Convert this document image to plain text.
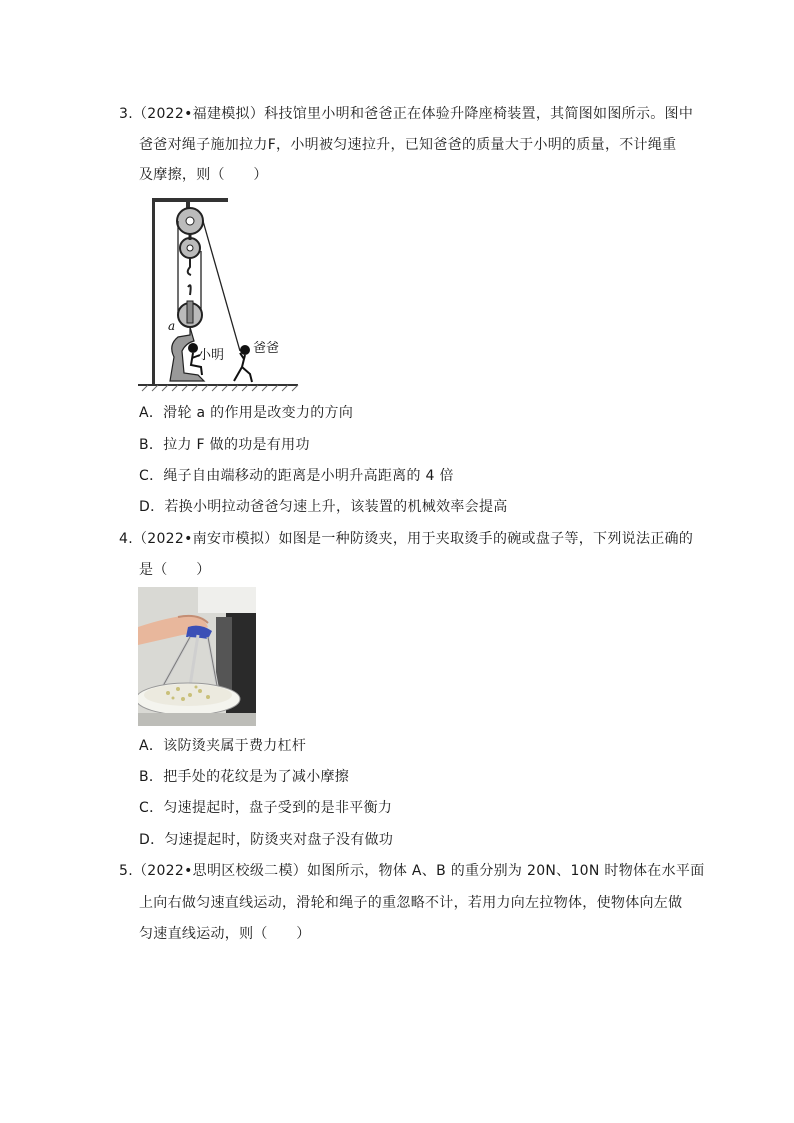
3.（2022•福建模拟）科技馆里小明和爸爸正在体验升降座椅装置，其简图如图所示。图中
爸爸对绳子施加拉力F，小明被匀速拉升，已知爸爸的质量大于小明的质量，不计绳重
及摩擦，则（　　）
a
小明 爸爸
A．滑轮 a 的作用是改变力的方向
B．拉力 F 做的功是有用功
C．绳子自由端移动的距离是小明升高距离的 4 倍
D．若换小明拉动爸爸匀速上升，该装置的机械效率会提高
4.（2022•南安市模拟）如图是一种防烫夹，用于夹取烫手的碗或盘子等，下列说法正确的
是（　　）
A．该防烫夹属于费力杠杆
B．把手处的花纹是为了减小摩擦
C．匀速提起时，盘子受到的是非平衡力
D．匀速提起时，防烫夹对盘子没有做功
5.（2022•思明区校级二模）如图所示，物体 A、B 的重分别为 20N、10N 时物体在水平面
上向右做匀速直线运动，滑轮和绳子的重忽略不计，若用力向左拉物体，使物体向左做
匀速直线运动，则（　　）
